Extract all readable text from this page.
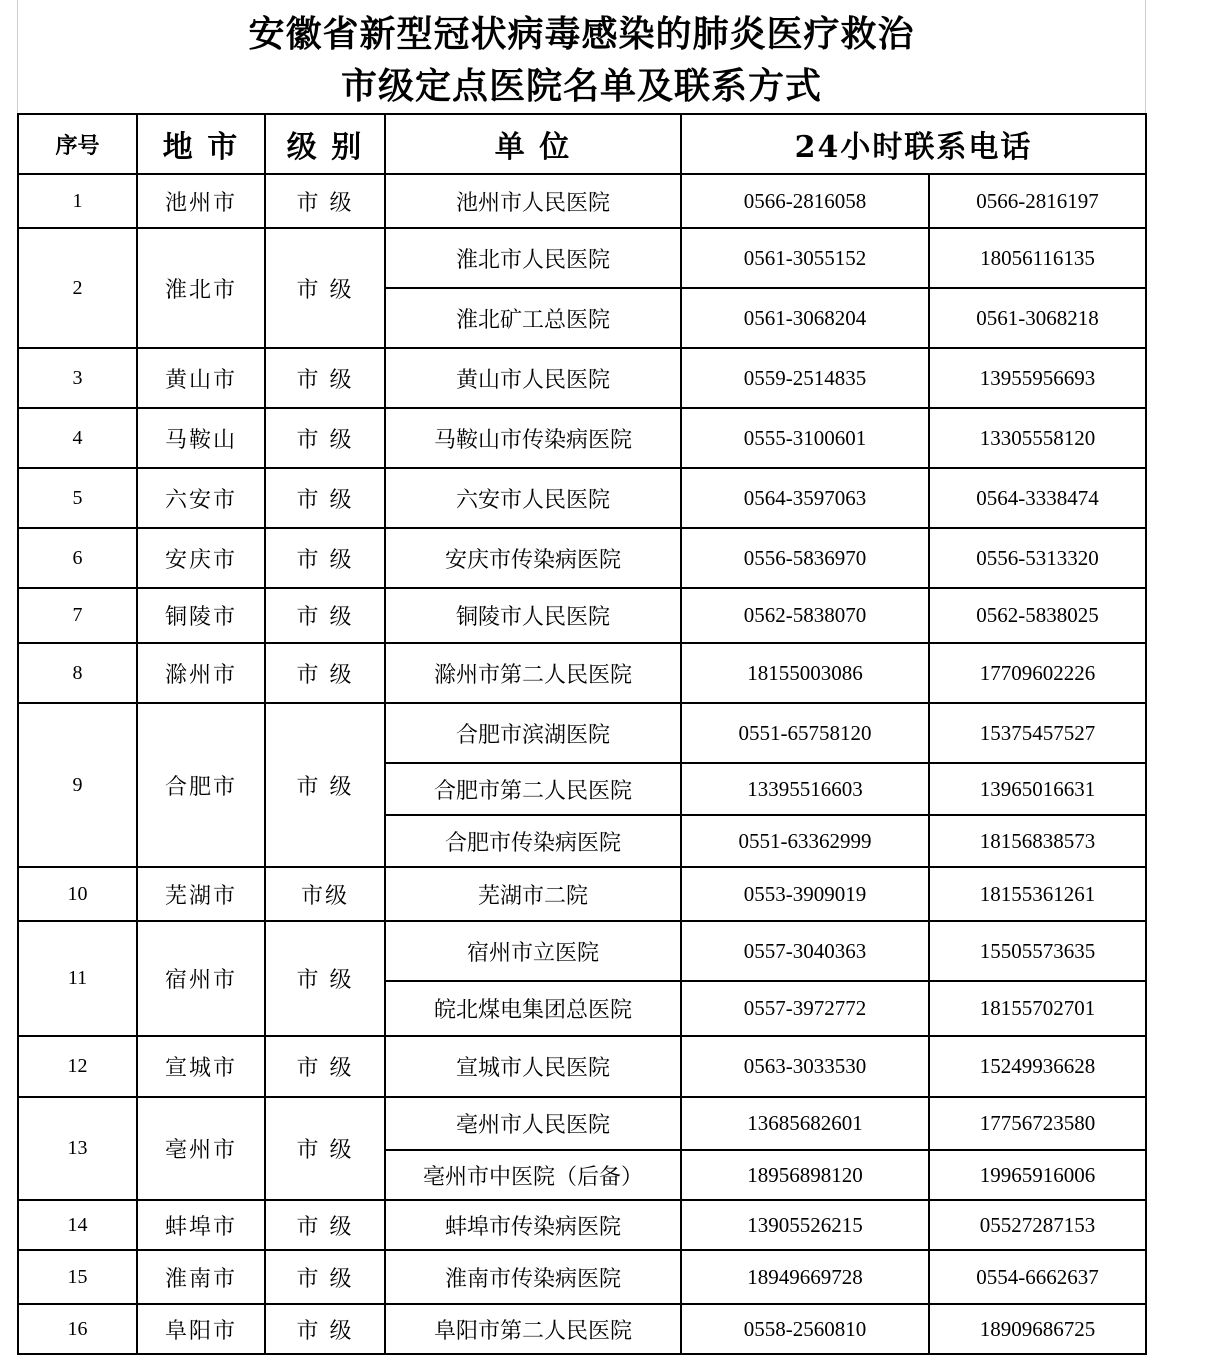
安徽省新型冠状病毒感染的肺炎医疗救治
市级定点医院名单及联系方式
序号	地 市	级 别	单 位	24小时联系电话	
1	池州市	市 级	池州市人民医院	0566-2816058	0566-2816197
2	淮北市	市 级	淮北市人民医院	0561-3055152	18056116135
			淮北矿工总医院	0561-3068204	0561-3068218
3	黄山市	市 级	黄山市人民医院	0559-2514835	13955956693
4	马鞍山	市 级	马鞍山市传染病医院	0555-3100601	13305558120
5	六安市	市 级	六安市人民医院	0564-3597063	0564-3338474
6	安庆市	市 级	安庆市传染病医院	0556-5836970	0556-5313320
7	铜陵市	市 级	铜陵市人民医院	0562-5838070	0562-5838025
8	滁州市	市 级	滁州市第二人民医院	18155003086	17709602226
9	合肥市	市 级	合肥市滨湖医院	0551-65758120	15375457527
			合肥市第二人民医院	13395516603	13965016631
			合肥市传染病医院	0551-63362999	18156838573
10	芜湖市	市级	芜湖市二院	0553-3909019	18155361261
11	宿州市	市 级	宿州市立医院	0557-3040363	15505573635
			皖北煤电集团总医院	0557-3972772	18155702701
12	宣城市	市 级	宣城市人民医院	0563-3033530	15249936628
13	亳州市	市 级	亳州市人民医院	13685682601	17756723580
			亳州市中医院（后备）	18956898120	19965916006
14	蚌埠市	市 级	蚌埠市传染病医院	13905526215	05527287153
15	淮南市	市 级	淮南市传染病医院	18949669728	0554-6662637
16	阜阳市	市 级	阜阳市第二人民医院	0558-2560810	18909686725
